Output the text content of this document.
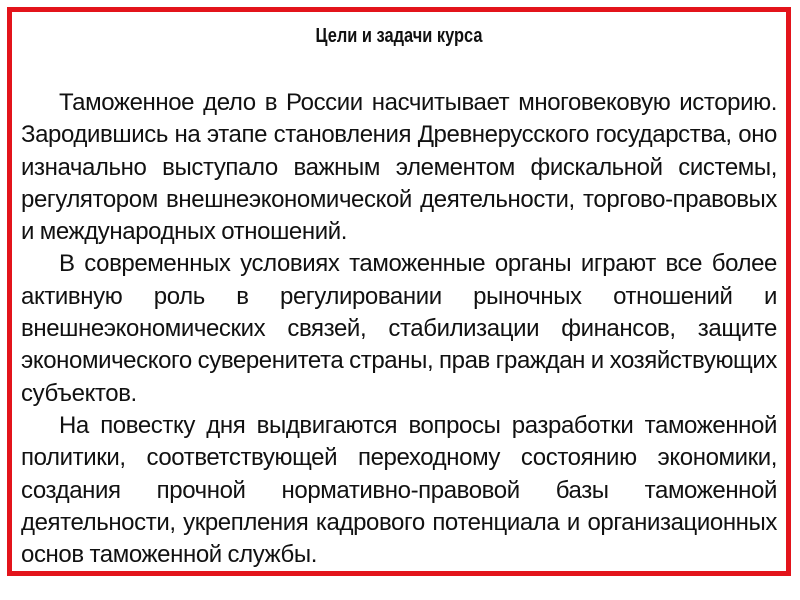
Цели и задачи курса

Таможенное дело в России насчитывает многовековую историю. Зародившись на этапе становления Древнерусского государства, оно изначально выступало важным элементом фискальной системы, регулятором внешнеэкономической деятельности, торгово-правовых и международных отношений.

В современных условиях таможенные органы играют все более активную роль в регулировании рыночных отношений и внешнеэкономических связей, стабилизации финансов, защите экономического суверенитета страны, прав граждан и хозяйствующих субъектов.

На повестку дня выдвигаются вопросы разработки таможенной политики, соответствующей переходному состоянию экономики, создания прочной нормативно-правовой базы таможенной деятельности, укрепления кадрового потенциала и организационных основ таможенной службы.
